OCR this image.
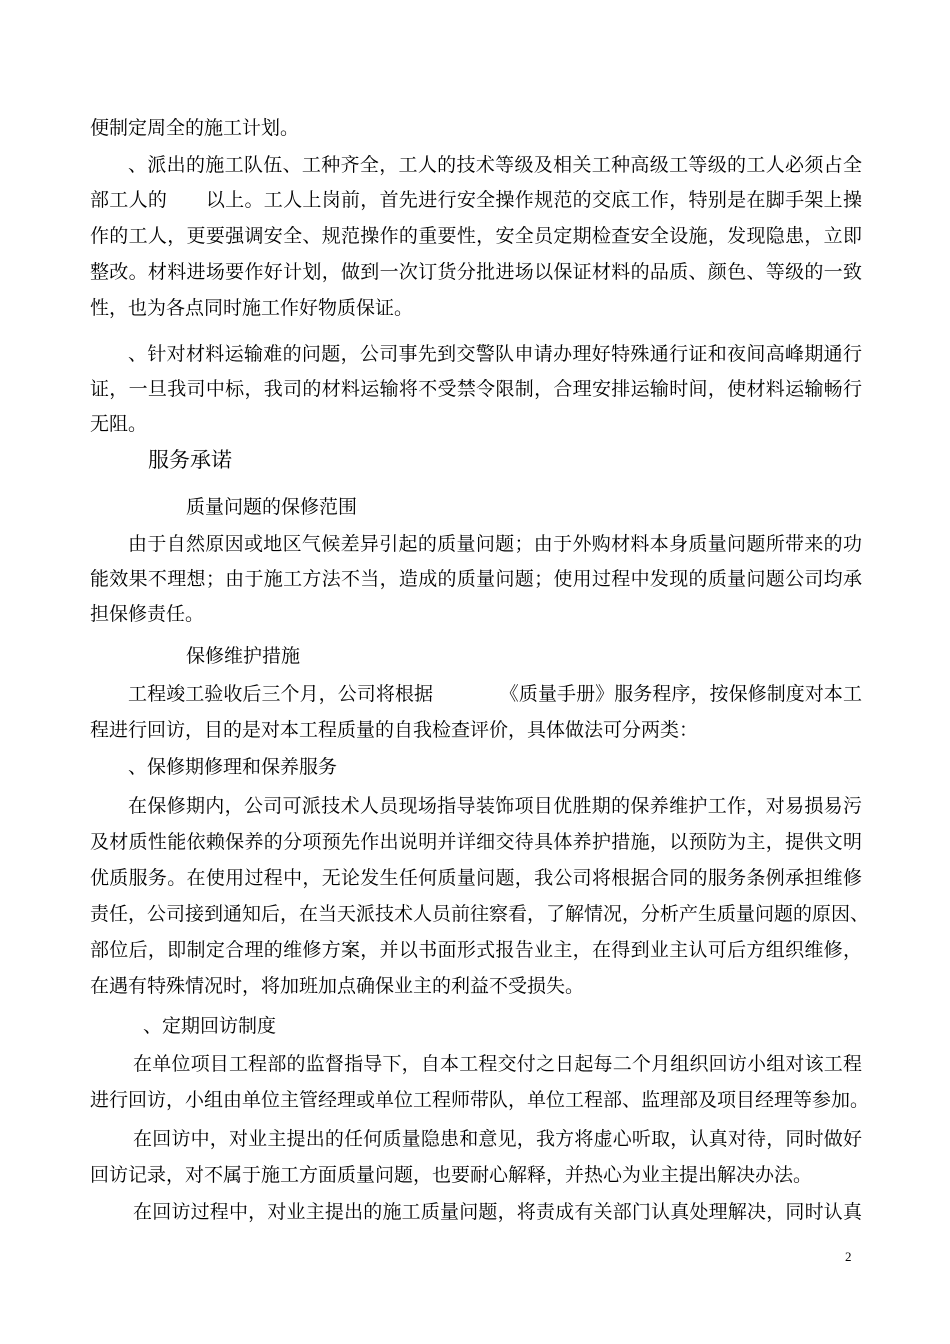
便制定周全的施工计划。
、派出的施工队伍、工种齐全，工人的技术等级及相关工种高级工等级的工人必须占全
部工人的　　以上。工人上岗前，首先进行安全操作规范的交底工作，特别是在脚手架上操
作的工人，更要强调安全、规范操作的重要性，安全员定期检查安全设施，发现隐患，立即
整改。材料进场要作好计划，做到一次订货分批进场以保证材料的品质、颜色、等级的一致
性，也为各点同时施工作好物质保证。
、针对材料运输难的问题，公司事先到交警队申请办理好特殊通行证和夜间高峰期通行
证，一旦我司中标，我司的材料运输将不受禁令限制，合理安排运输时间，使材料运输畅行
无阻。
服务承诺
质量问题的保修范围
由于自然原因或地区气候差异引起的质量问题；由于外购材料本身质量问题所带来的功
能效果不理想；由于施工方法不当，造成的质量问题；使用过程中发现的质量问题公司均承
担保修责任。
保修维护措施
工程竣工验收后三个月，公司将根据　　　　《质量手册》服务程序，按保修制度对本工
程进行回访，目的是对本工程质量的自我检查评价，具体做法可分两类：
、保修期修理和保养服务
在保修期内，公司可派技术人员现场指导装饰项目优胜期的保养维护工作，对易损易污
及材质性能依赖保养的分项预先作出说明并详细交待具体养护措施，以预防为主，提供文明
优质服务。在使用过程中，无论发生任何质量问题，我公司将根据合同的服务条例承担维修
责任，公司接到通知后，在当天派技术人员前往察看，了解情况，分析产生质量问题的原因、
部位后，即制定合理的维修方案，并以书面形式报告业主，在得到业主认可后方组织维修，
在遇有特殊情况时，将加班加点确保业主的利益不受损失。
、定期回访制度
在单位项目工程部的监督指导下，自本工程交付之日起每二个月组织回访小组对该工程
进行回访，小组由单位主管经理或单位工程师带队，单位工程部、监理部及项目经理等参加。
在回访中，对业主提出的任何质量隐患和意见，我方将虚心听取，认真对待，同时做好
回访记录，对不属于施工方面质量问题，也要耐心解释，并热心为业主提出解决办法。
在回访过程中，对业主提出的施工质量问题，将责成有关部门认真处理解决，同时认真
2
